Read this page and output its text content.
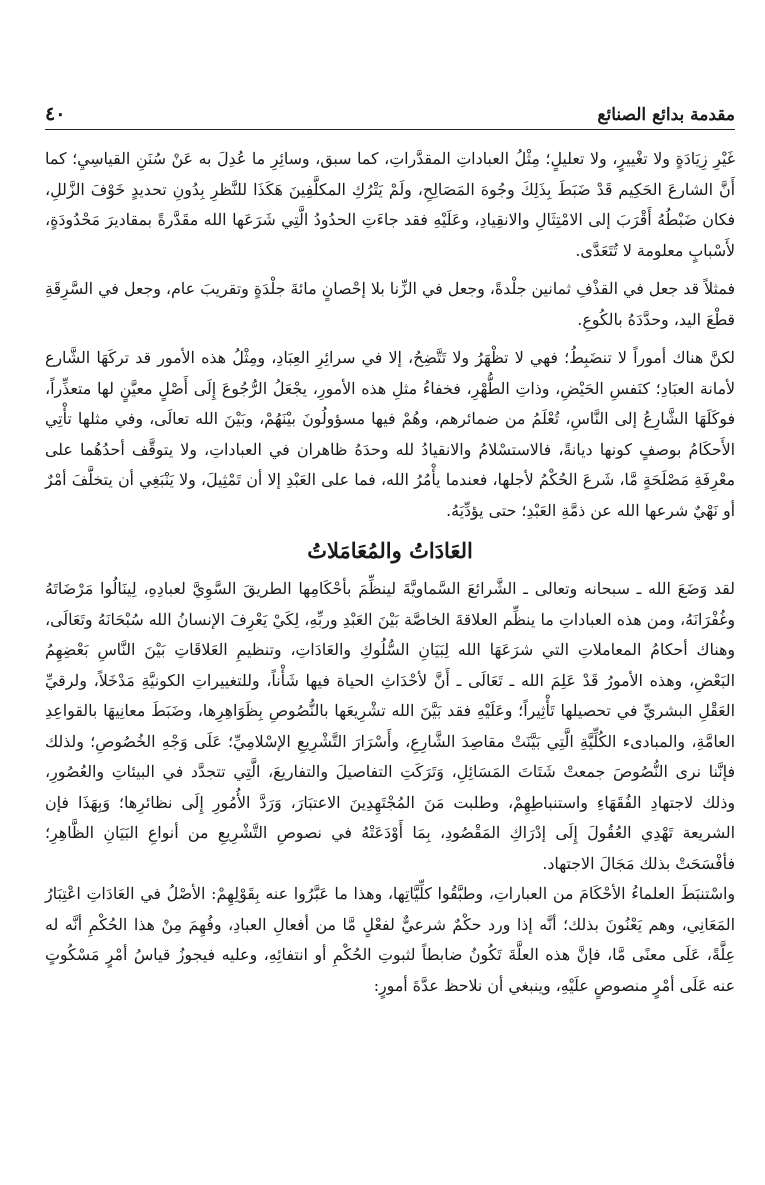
مقدمة بدائع الصنائع
٤٠

غَيْرِ زِيَادَةٍ ولا تغْييرٍ، ولا تعليلٍ؛ مِثْلُ العباداتِ المقدَّراتِ، كما سبق، وسائِرِ ما عُدِلَ به عَنْ سُنَنِ القياسِيِ؛ كما أَنَّ الشارعَ الحَكِيم قَدْ ضَبَطَ بِذَلِكَ وجُوهَ المَصَالِحِ، ولَمْ يَتْرُكِ المكلَّفِينَ هَكَذَا للنَّظرِ بِدُونِ تحديدٍ خَوْفَ الزَّللِ، فكان ضَبْطُهُ أَقْرَبَ إلى الامْتِثَالِ والانقِيادِ، وعَلَيْهِ فقد جاءَتِ الحدُودُ الَّتِي شَرَعَها الله مقَدَّرةً بمقاديرَ مَحْدُودَةٍ، لأَسْبابٍ معلومة لا تُتَعَدَّى.

فمثلاً قد جعل في القذْفِ ثمانين جلْدةً، وجعل في الزِّنا بلا إحْصانٍ مائةَ جلْدَةٍ وتقريبَ عام، وجعل في السَّرِقَةِ قطْعَ اليد، وحدَّدَهُ بالكُوعِ.

لكنَّ هناك أموراً لا تنضَبِطُ؛ فهي لا تظْهَرُ ولا تَتَّضِحُ، إلا في سرائِرِ العِبَادِ، ومِثْلُ هذه الأمور قد تركَهَا الشَّارع لأمانة العبَادِ؛ كنَفسِ الحَيْضِ، وذاتِ الطُّهْرِ، فخفاءُ مثلِ هذه الأمورِ، يجْعَلُ الرُّجُوعَ إِلَى أَصْلٍ معيَّنٍ لها متعذِّراً، فوكَلَهَا الشَّارِعُ إلى النَّاسِ، تُعْلَمُ من ضمائرهم، وهُمْ فيها مسؤولُونَ بيْنَهُمْ، وبَيْنَ الله تعالَى، وفي مثلها تأْتِي الأَحكَامُ بوصفٍ كونها ديانةً، فالاستسْلامُ والانقيادُ لله وحدَهُ ظاهران في العباداتِ، ولا يتوقَّف أحدُهُما على معْرِفَةِ مَصْلَحَةٍ مَّا، شَرعَ الحُكْمُ لأجلها، فعندما يأْمُرُ الله، فما على العَبْدِ إلا أن تَمْثِيلَ، ولا يَنْبَغِي أن يتخلَّفَ أمْرٌ أو نَهْيٌ شرعها الله عن ذمَّةِ العَبْدِ؛ حتى يؤدِّيَهُ.

العَادَاتُ والمُعَامَلاتُ

لقد وَضَعَ الله ـ سبحانه وتعالى ـ الشَّرائعَ السَّماويَّةَ لينظِّمَ بأحْكَامِها الطريقَ السَّوِيَّ لعبادِهِ، لِينَالُوا مَرْضَاتَهُ وغُفْرَانَهُ، ومن هذه العباداتِ ما ينظِّم العلاقةَ الخاصَّة بَيْنَ العَبْدِ وربِّهِ، لِكَيْ يَعْرِفَ الإنسانُ الله سُبْحَانَهُ وتَعَالَى، وهناك أحكامُ المعاملاتِ التي شرَعَهَا الله لِبَيَانِ السُّلُوكِ والعَادَاتِ، وتنظيمِ العَلاقَاتِ بَيْنَ النَّاسِ بَعْضِهِمُ البَعْضِ، وهذه الأمورُ قَدْ عَلِمَ الله ـ تَعَالَى ـ أَنَّ لأحْدَاثِ الحياة فيها شَأْناً، وللتغييراتِ الكونيَّةِ مَدْخَلاً، ولرقيِّ العَقْلِ البشريِّ في تحصيلها تَأْثِيراً؛ وعَلَيْهِ فقد بَيَّنَ الله تشْرِيعَها بالنُّصُوصِ بِظَوَاهِرِها، وضَبَطَ معانِيهَا بالقواعِدِ العامَّةِ، والمبادىء الكُلِّيَّةِ الَّتِي بَيَّنَتْ مقاصِدَ الشَّارِعِ، وأَسْرَارَ التَّشْرِيعِ الإسْلامِيِّ؛ عَلَى وَجْهِ الخُصُوصِ؛ ولذلك فإنَّنا نرى النُّصُوصَ جمعتْ شَتَاتَ المَسَائِلِ، وَتَرَكَتِ التفاصيلَ والتفاريعَ، الَّتِي تتجدَّد في البيئاتِ والعُصُورِ، وذلك لاجتهادِ الفُقَهَاءِ واستنباطِهِمْ، وطلبت مَنَ المُجْتَهِدِينَ الاعتبَارَ، وَرَدَّ الأُمُورِ إِلَى نظائرِها؛ وَبِهَذَا فإن الشريعة تَهْدِي العُقُولَ إِلَى إدْرَاكِ المَقْصُودِ، بِمَا أَوْدَعَتْهُ في نصوصِ التَّشْرِيعِ من أنواعِ البَيَانِ الظَّاهِرِ؛ فأفْسَحَتْ بذلك مَجَالَ الاجتهاد.

واسْتنبَطَ العلماءُ الأحْكَامَ من العباراتِ، وطبَّقُوا كلِّيَّاتِها، وهذا ما عَبَّرُوا عنه بِقَوْلِهِمْ: الأصْلُ في العَادَاتِ اعْتِبَارُ المَعَانِي، وهم يَعْنُونَ بذلك؛ أنَّه إذا ورد حكْمٌ شرعيٌّ لفعْلٍ مَّا من أفعالِ العبادِ، وفُهِمَ مِنْ هذا الحُكْمِ أنَّه له عِلَّةً، عَلَى معنًى مَّا، فإنَّ هذه العلَّةَ تَكُونُ ضابطاً لثبوتِ الحُكْمِ أو انتفائِهِ، وعليه فيجوزُ قياسُ أمْرٍ مَسْكُوتٍ عنه عَلَى أمْرٍ منصوصٍ علَيْهِ، وينبغي أن نلاحظ عدَّةَ أمورٍ:
